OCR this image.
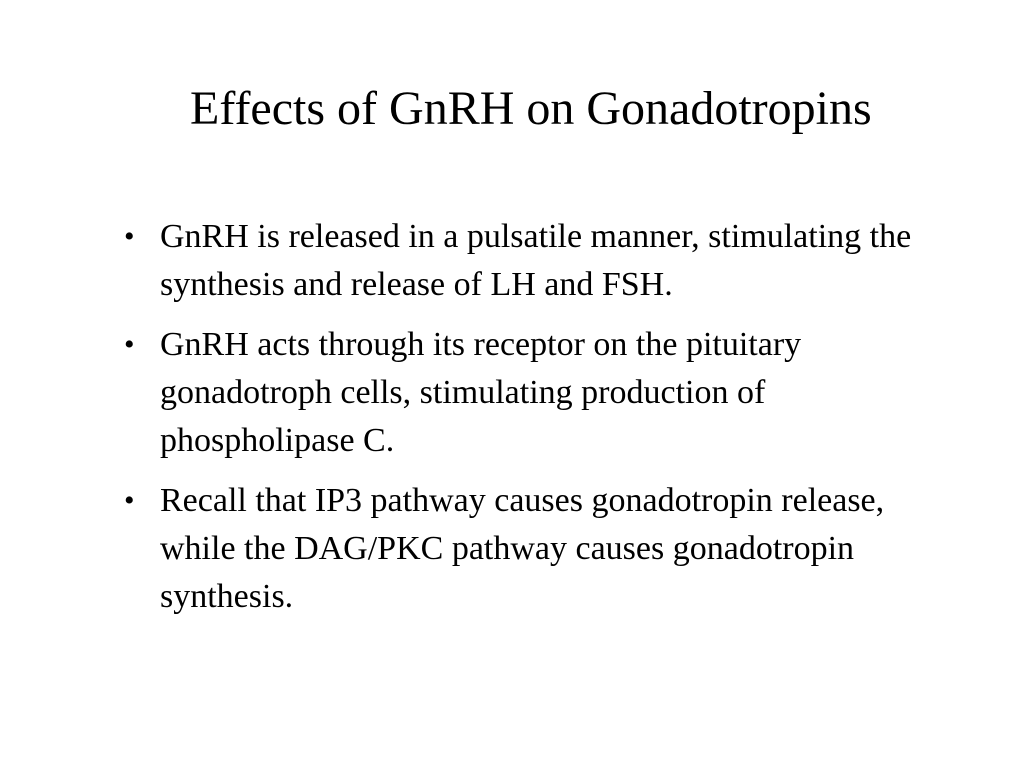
Effects of GnRH on Gonadotropins
• GnRH is released in a pulsatile manner, stimulating the synthesis and release of LH and FSH.
• GnRH acts through its receptor on the pituitary gonadotroph cells, stimulating production of phospholipase C.
• Recall that IP3 pathway causes gonadotropin release, while the DAG/PKC pathway causes gonadotropin synthesis.
